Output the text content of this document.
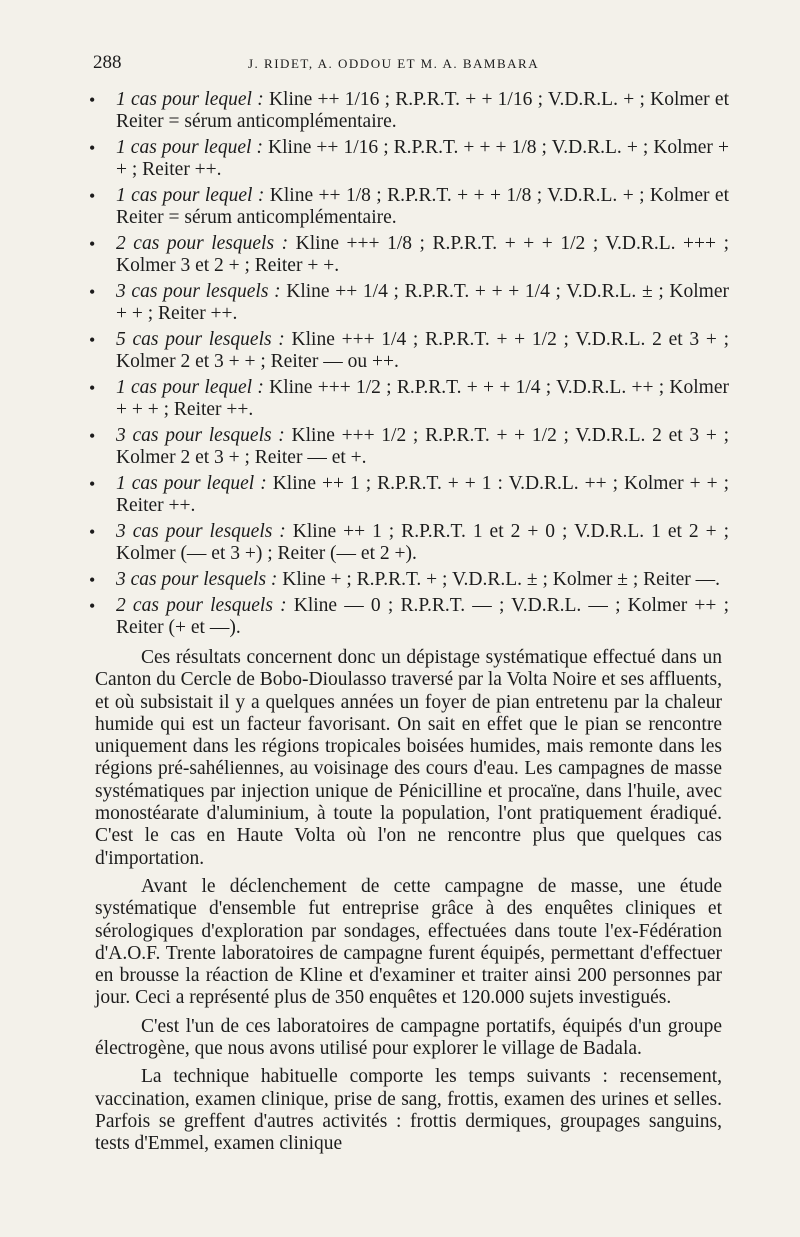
288	J. RIDET, A. ODDOU ET M. A. BAMBARA
• 1 cas pour lequel : Kline ++ 1/16 ; R.P.R.T. + + 1/16 ; V.D.R.L. + ; Kolmer et Reiter = sérum anticomplémentaire.
• 1 cas pour lequel : Kline ++ 1/16 ; R.P.R.T. + + + 1/8 ; V.D.R.L. + ; Kolmer + + ; Reiter ++.
• 1 cas pour lequel : Kline ++ 1/8 ; R.P.R.T. + + + 1/8 ; V.D.R.L. + ; Kolmer et Reiter = sérum anticomplémentaire.
• 2 cas pour lesquels : Kline +++ 1/8 ; R.P.R.T. + + + 1/2 ; V.D.R.L. +++ ; Kolmer 3 et 2 + ; Reiter + +.
• 3 cas pour lesquels : Kline ++ 1/4 ; R.P.R.T. + + + 1/4 ; V.D.R.L. ± ; Kolmer + + ; Reiter ++.
• 5 cas pour lesquels : Kline +++ 1/4 ; R.P.R.T. + + 1/2 ; V.D.R.L. 2 et 3 + ; Kolmer 2 et 3 + + ; Reiter — ou ++.
• 1 cas pour lequel : Kline +++ 1/2 ; R.P.R.T. + + + 1/4 ; V.D.R.L. ++ ; Kolmer + + + ; Reiter ++.
• 3 cas pour lesquels : Kline +++ 1/2 ; R.P.R.T. + + 1/2 ; V.D.R.L. 2 et 3 + ; Kolmer 2 et 3 + ; Reiter — et +.
• 1 cas pour lequel : Kline ++ 1 ; R.P.R.T. + + 1 : V.D.R.L. ++ ; Kolmer + + ; Reiter ++.
• 3 cas pour lesquels : Kline ++ 1 ; R.P.R.T. 1 et 2 + 0 ; V.D.R.L. 1 et 2 + ; Kolmer (— et 3 +) ; Reiter (— et 2 +).
• 3 cas pour lesquels : Kline + ; R.P.R.T. + ; V.D.R.L. ± ; Kolmer ± ; Reiter —.
• 2 cas pour lesquels : Kline — 0 ; R.P.R.T. — ; V.D.R.L. — ; Kolmer ++ ; Reiter (+ et —).

Ces résultats concernent donc un dépistage systématique effectué dans un Canton du Cercle de Bobo-Dioulasso traversé par la Volta Noire et ses affluents, et où subsistait il y a quelques années un foyer de pian entretenu par la chaleur humide qui est un facteur favorisant. On sait en effet que le pian se rencontre uniquement dans les régions tropicales boisées humides, mais remonte dans les régions pré-sahéliennes, au voisinage des cours d'eau. Les campagnes de masse systématiques par injection unique de Pénicilline et procaïne, dans l'huile, avec monostéarate d'aluminium, à toute la population, l'ont pratiquement éradiqué. C'est le cas en Haute Volta où l'on ne rencontre plus que quelques cas d'importation.

Avant le déclenchement de cette campagne de masse, une étude systématique d'ensemble fut entreprise grâce à des enquêtes cliniques et sérologiques d'exploration par sondages, effectuées dans toute l'ex-Fédération d'A.O.F. Trente laboratoires de campagne furent équipés, permettant d'effectuer en brousse la réaction de Kline et d'examiner et traiter ainsi 200 personnes par jour. Ceci a représenté plus de 350 enquêtes et 120.000 sujets investigués.

C'est l'un de ces laboratoires de campagne portatifs, équipés d'un groupe électrogène, que nous avons utilisé pour explorer le village de Badala.

La technique habituelle comporte les temps suivants : recensement, vaccination, examen clinique, prise de sang, frottis, examen des urines et selles. Parfois se greffent d'autres activités : frottis dermiques, groupages sanguins, tests d'Emmel, examen clinique
